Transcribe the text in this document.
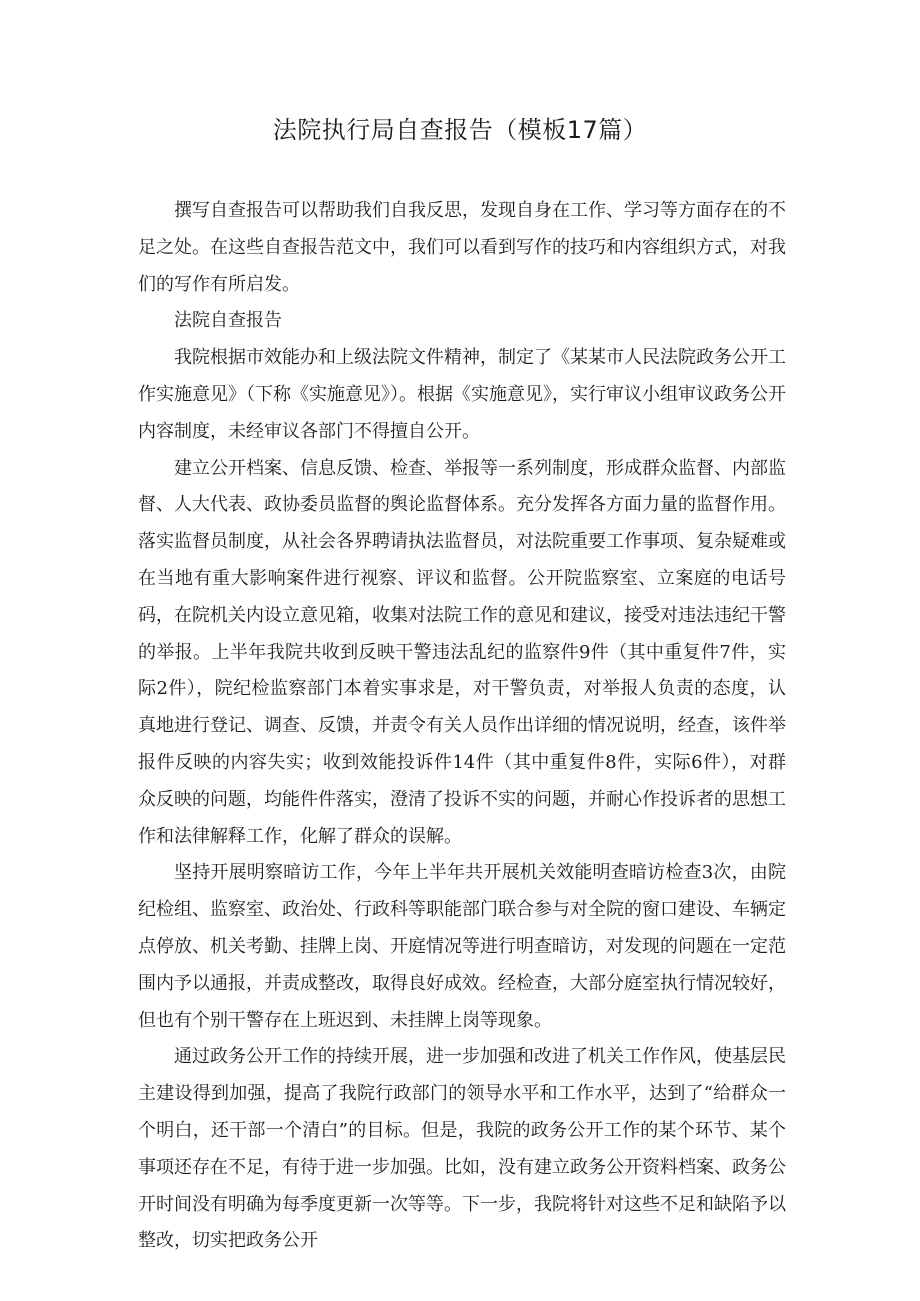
法院执行局自查报告（模板17篇）

撰写自查报告可以帮助我们自我反思，发现自身在工作、学习等方面存在的不足之处。在这些自查报告范文中，我们可以看到写作的技巧和内容组织方式，对我们的写作有所启发。

法院自查报告

我院根据市效能办和上级法院文件精神，制定了《某某市人民法院政务公开工作实施意见》（下称《实施意见》）。根据《实施意见》，实行审议小组审议政务公开内容制度，未经审议各部门不得擅自公开。

建立公开档案、信息反馈、检查、举报等一系列制度，形成群众监督、内部监督、人大代表、政协委员监督的舆论监督体系。充分发挥各方面力量的监督作用。落实监督员制度，从社会各界聘请执法监督员，对法院重要工作事项、复杂疑难或在当地有重大影响案件进行视察、评议和监督。公开院监察室、立案庭的电话号码，在院机关内设立意见箱，收集对法院工作的意见和建议，接受对违法违纪干警的举报。上半年我院共收到反映干警违法乱纪的监察件9件（其中重复件7件，实际2件），院纪检监察部门本着实事求是，对干警负责，对举报人负责的态度，认真地进行登记、调查、反馈，并责令有关人员作出详细的情况说明，经查，该件举报件反映的内容失实；收到效能投诉件14件（其中重复件8件，实际6件），对群众反映的问题，均能件件落实，澄清了投诉不实的问题，并耐心作投诉者的思想工作和法律解释工作，化解了群众的误解。

坚持开展明察暗访工作，今年上半年共开展机关效能明查暗访检查3次，由院纪检组、监察室、政治处、行政科等职能部门联合参与对全院的窗口建设、车辆定点停放、机关考勤、挂牌上岗、开庭情况等进行明查暗访，对发现的问题在一定范围内予以通报，并责成整改，取得良好成效。经检查，大部分庭室执行情况较好，但也有个别干警存在上班迟到、未挂牌上岗等现象。

通过政务公开工作的持续开展，进一步加强和改进了机关工作作风，使基层民主建设得到加强，提高了我院行政部门的领导水平和工作水平，达到了“给群众一个明白，还干部一个清白”的目标。但是，我院的政务公开工作的某个环节、某个事项还存在不足，有待于进一步加强。比如，没有建立政务公开资料档案、政务公开时间没有明确为每季度更新一次等等。下一步，我院将针对这些不足和缺陷予以整改，切实把政务公开
